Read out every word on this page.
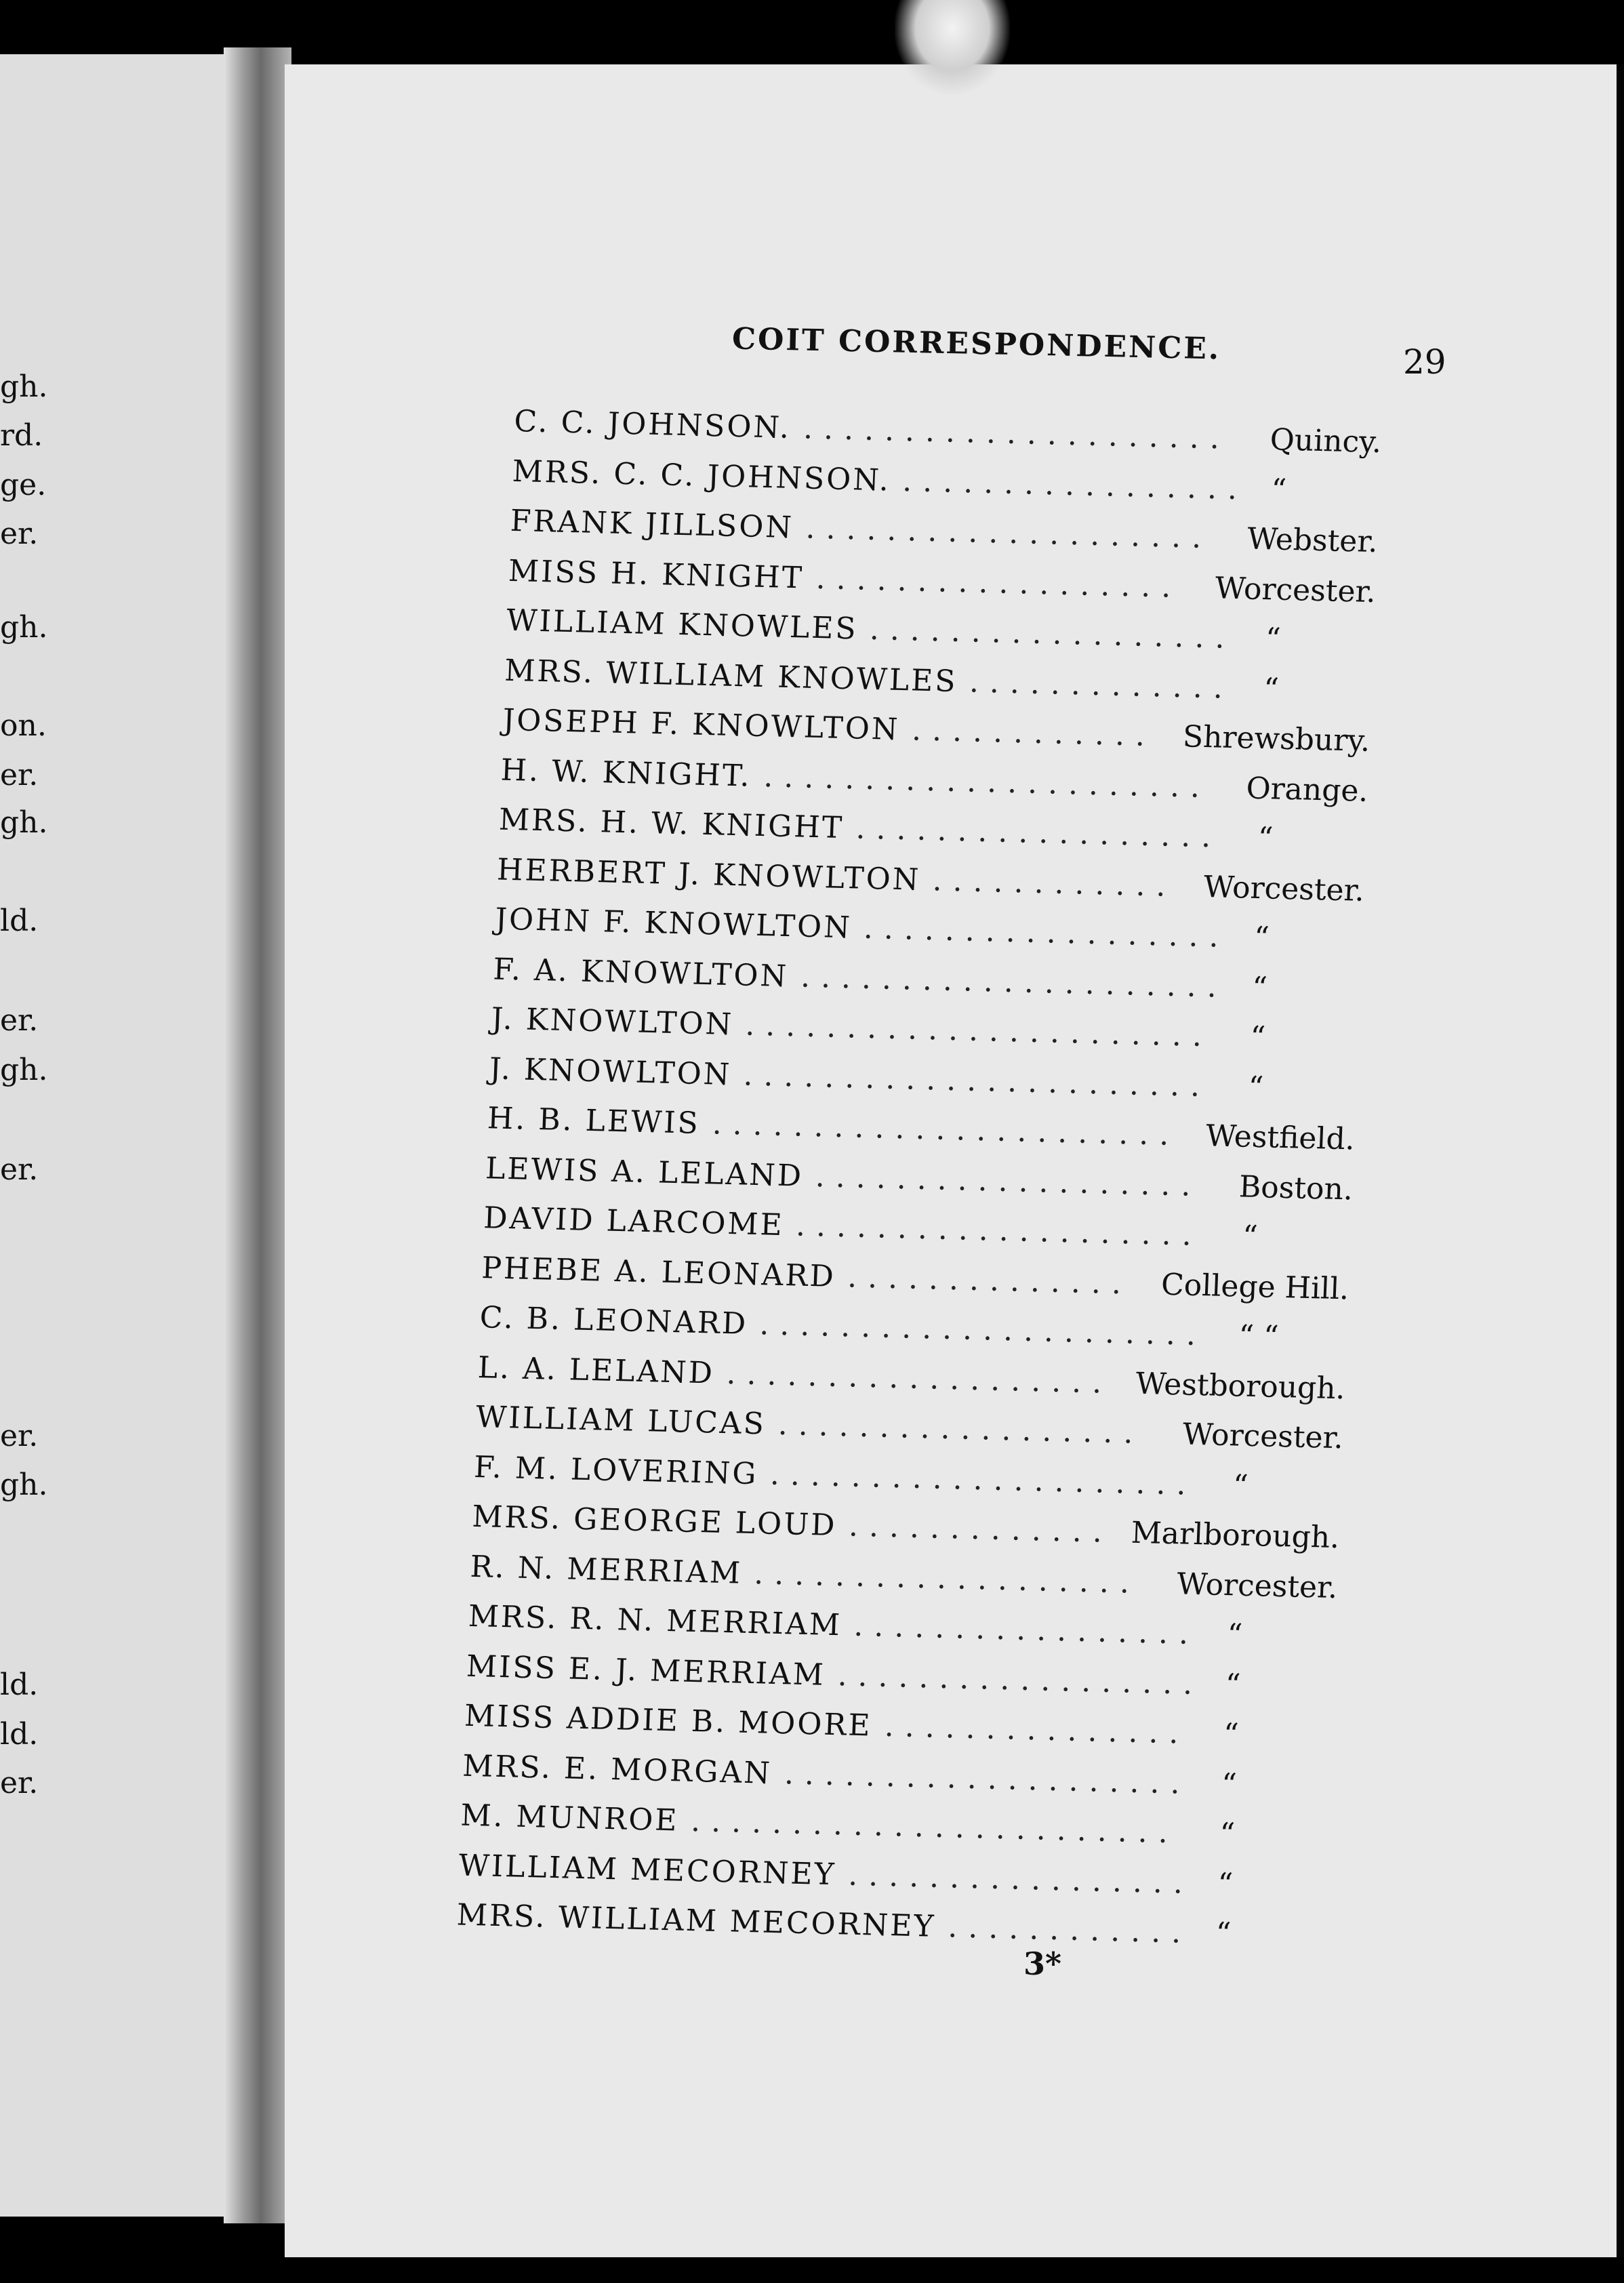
gh.
rd.
ge.
er.
gh.
on.
er.
gh.
ld.
er.
gh.
er.
er.
gh.
ld.
ld.
er.
COIT CORRESPONDENCE.	29
C. C. JOHNSON. ..................... Quincy.
MRS. C. C. JOHNSON. ................. “
FRANK JILLSON .................... Webster.
MISS H. KNIGHT .................. Worcester.
WILLIAM KNOWLES .................. “
MRS. WILLIAM KNOWLES ............. “
JOSEPH F. KNOWLTON ............ Shrewsbury.
H. W. KNIGHT. ...................... Orange.
MRS. H. W. KNIGHT .................. “
HERBERT J. KNOWLTON ............ Worcester.
JOHN F. KNOWLTON .................. “
F. A. KNOWLTON ..................... “
J. KNOWLTON ....................... “
J. KNOWLTON ....................... “
H. B. LEWIS ....................... Westfield.
LEWIS A. LELAND ................... Boston.
DAVID LARCOME .................... “
PHEBE A. LEONARD .............. College Hill.
C. B. LEONARD ...................... “ “
L. A. LELAND ................... Westborough.
WILLIAM LUCAS .................. Worcester.
F. M. LOVERING ..................... “
MRS. GEORGE LOUD ............. Marlborough.
R. N. MERRIAM ................... Worcester.
MRS. R. N. MERRIAM ................. “
MISS E. J. MERRIAM .................. “
MISS ADDIE B. MOORE ............... “
MRS. E. MORGAN .................... “
M. MUNROE ........................ “
WILLIAM MECORNEY ................. “
MRS. WILLIAM MECORNEY ............ “
3*
